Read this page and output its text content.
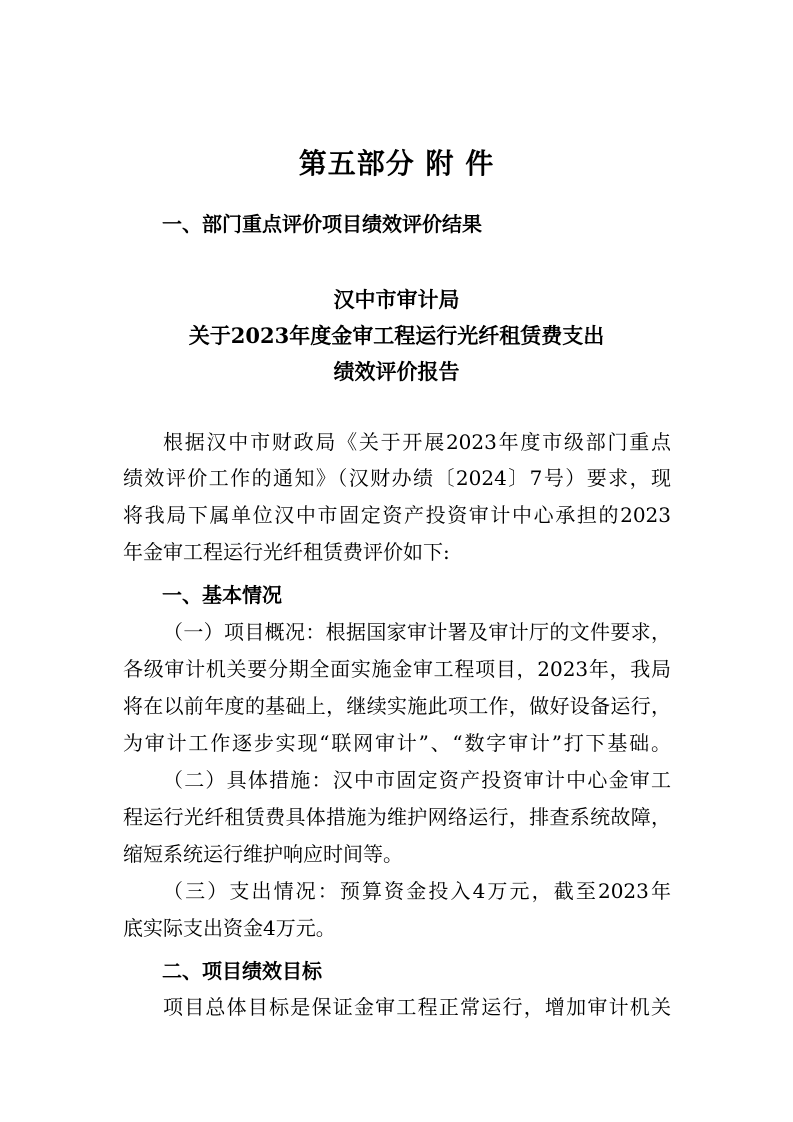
第五部分 附 件
一、部门重点评价项目绩效评价结果
汉中市审计局
关于2023年度金审工程运行光纤租赁费支出
绩效评价报告
根据汉中市财政局《关于开展2023年度市级部门重点
绩效评价工作的通知》（汉财办绩〔2024〕7号）要求，现
将我局下属单位汉中市固定资产投资审计中心承担的2023
年金审工程运行光纤租赁费评价如下:
一、基本情况
（一）项目概况：根据国家审计署及审计厅的文件要求，
各级审计机关要分期全面实施金审工程项目，2023年，我局
将在以前年度的基础上，继续实施此项工作，做好设备运行，
为审计工作逐步实现“联网审计”、“数字审计”打下基础。
（二）具体措施：汉中市固定资产投资审计中心金审工
程运行光纤租赁费具体措施为维护网络运行，排查系统故障，
缩短系统运行维护响应时间等。
（三）支出情况：预算资金投入4万元，截至2023年
底实际支出资金4万元。
二、项目绩效目标
项目总体目标是保证金审工程正常运行，增加审计机关
